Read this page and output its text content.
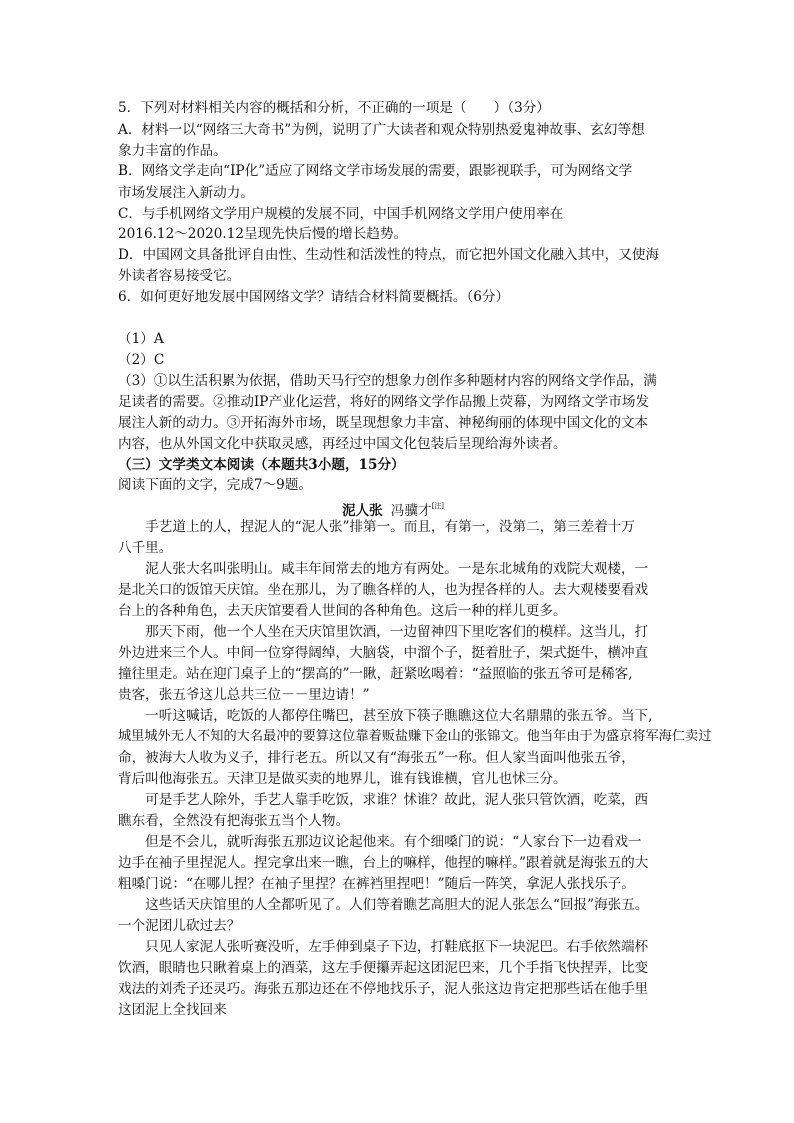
5．下列对材料相关内容的概括和分析，不正确的一项是（　　）（3分）
A．材料一以“网络三大奇书”为例，说明了广大读者和观众特别热爱鬼神故事、玄幻等想
象力丰富的作品。
B．网络文学走向“IP化”适应了网络文学市场发展的需要，跟影视联手，可为网络文学
市场发展注入新动力。
C．与手机网络文学用户规模的发展不同，中国手机网络文学用户使用率在
2016.12～2020.12呈现先快后慢的增长趋势。
D．中国网文具备批评自由性、生动性和活泼性的特点，而它把外国文化融入其中，又使海
外读者容易接受它。
6．如何更好地发展中国网络文学？请结合材料简要概括。（6分）
（1）A
（2）C
（3）①以生活积累为依据，借助天马行空的想象力创作多种题材内容的网络文学作品，满
足读者的需要。②推动IP产业化运营，将好的网络文学作品搬上荧幕，为网络文学市场发
展注人新的动力。③开拓海外市场，既呈现想象力丰富、神秘绚丽的体现中国文化的文本
内容，也从外国文化中获取灵感，再经过中国文化包装后呈现给海外读者。
（三）文学类文本阅读（本题共3小题，15分）
阅读下面的文字，完成7～9题。
泥人张 冯骥才[注]
　　手艺道上的人，捏泥人的“泥人张”排第一。而且，有第一，没第二，第三差着十万
八千里。
　　泥人张大名叫张明山。咸丰年间常去的地方有两处。一是东北城角的戏院大观楼，一
是北关口的饭馆天庆馆。坐在那儿，为了瞧各样的人，也为捏各样的人。去大观楼要看戏
台上的各种角色，去天庆馆要看人世间的各种角色。这后一种的样儿更多。
　　那天下雨，他一个人坐在天庆馆里饮酒，一边留神四下里吃客们的模样。这当儿，打
外边进来三个人。中间一位穿得阔绰，大脑袋，中溜个子，挺着肚子，架式挺牛，横冲直
撞往里走。站在迎门桌子上的“摆高的”一瞅，赶紧吆喝着：“益照临的张五爷可是稀客,
贵客，张五爷这儿总共三位－－里边请！”
　　一听这喊话，吃饭的人都停住嘴巴，甚至放下筷子瞧瞧这位大名鼎鼎的张五爷。当下,
城里城外无人不知的大名最冲的要算这位靠着贩盐赚下金山的张锦文。他当年由于为盛京将军海仁卖过
命，被海大人收为义子，排行老五。所以又有“海张五”一称。但人家当面叫他张五爷，
背后叫他海张五。天津卫是做买卖的地界儿，谁有钱谁横，官儿也怵三分。
　　可是手艺人除外，手艺人靠手吃饭，求谁？怵谁？故此，泥人张只管饮酒，吃菜，西
瞧东看，全然没有把海张五当个人物。
　　但是不会儿，就听海张五那边议论起他来。有个细嗓门的说：“人家台下一边看戏一
边手在袖子里捏泥人。捏完拿出来一瞧，台上的嘛样，他捏的嘛样。”跟着就是海张五的大
粗嗓门说：“在哪儿捏？在袖子里捏？在裤裆里捏吧！”随后一阵笑，拿泥人张找乐子。
　　这些话天庆馆里的人全都听见了。人们等着瞧艺高胆大的泥人张怎么“回报”海张五。
一个泥团儿砍过去？
　　只见人家泥人张听赛没听，左手伸到桌子下边，打鞋底抠下一块泥巴。右手依然端杯
饮酒，眼睛也只瞅着桌上的酒菜，这左手便攥弄起这团泥巴来，几个手指飞快捏弄，比变
戏法的刘秃子还灵巧。海张五那边还在不停地找乐子，泥人张这边肯定把那些话在他手里
这团泥上全找回来
